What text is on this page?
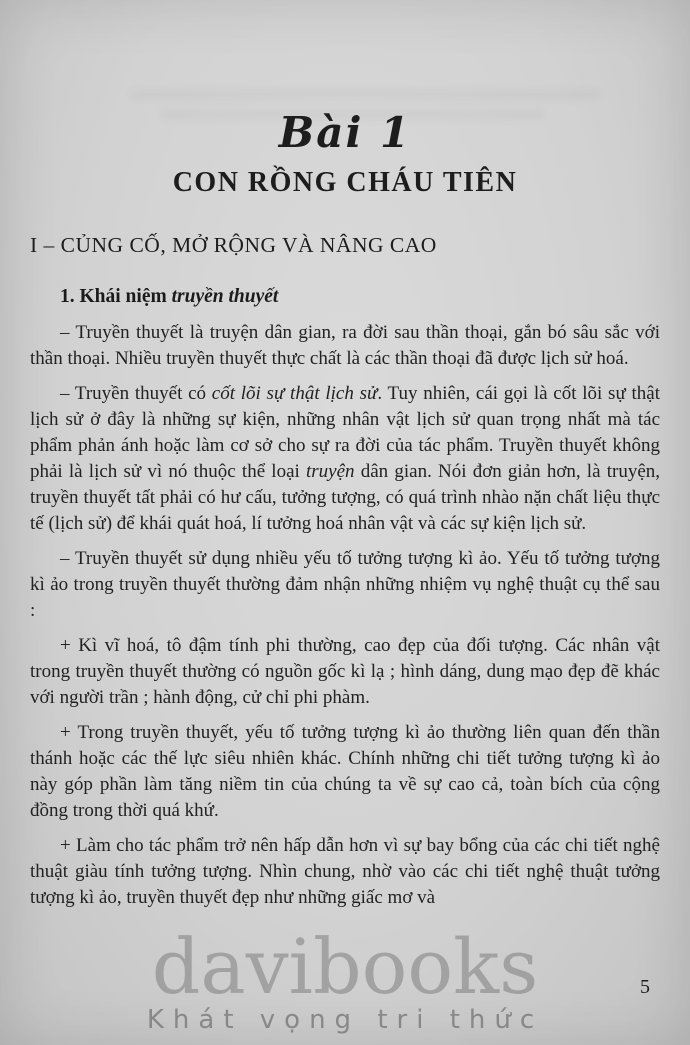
Bài 1
CON RỒNG CHÁU TIÊN
I – CỦNG CỐ, MỞ RỘNG VÀ NÂNG CAO
1. Khái niệm truyền thuyết

– Truyền thuyết là truyện dân gian, ra đời sau thần thoại, gắn bó sâu sắc với thần thoại. Nhiều truyền thuyết thực chất là các thần thoại đã được lịch sử hoá.

– Truyền thuyết có cốt lõi sự thật lịch sử. Tuy nhiên, cái gọi là cốt lõi sự thật lịch sử ở đây là những sự kiện, những nhân vật lịch sử quan trọng nhất mà tác phẩm phản ánh hoặc làm cơ sở cho sự ra đời của tác phẩm. Truyền thuyết không phải là lịch sử vì nó thuộc thể loại truyện dân gian. Nói đơn giản hơn, là truyện, truyền thuyết tất phải có hư cấu, tưởng tượng, có quá trình nhào nặn chất liệu thực tế (lịch sử) để khái quát hoá, lí tưởng hoá nhân vật và các sự kiện lịch sử.

– Truyền thuyết sử dụng nhiều yếu tố tưởng tượng kì ảo. Yếu tố tưởng tượng kì ảo trong truyền thuyết thường đảm nhận những nhiệm vụ nghệ thuật cụ thể sau :

+ Kì vĩ hoá, tô đậm tính phi thường, cao đẹp của đối tượng. Các nhân vật trong truyền thuyết thường có nguồn gốc kì lạ ; hình dáng, dung mạo đẹp đẽ khác với người trần ; hành động, cử chỉ phi phàm.

+ Trong truyền thuyết, yếu tố tưởng tượng kì ảo thường liên quan đến thần thánh hoặc các thế lực siêu nhiên khác. Chính những chi tiết tưởng tượng kì ảo này góp phần làm tăng niềm tin của chúng ta về sự cao cả, toàn bích của cộng đồng trong thời quá khứ.

+ Làm cho tác phẩm trở nên hấp dẫn hơn vì sự bay bổng của các chi tiết nghệ thuật giàu tính tưởng tượng. Nhìn chung, nhờ vào các chi tiết nghệ thuật tưởng tượng kì ảo, truyền thuyết đẹp như những giấc mơ và

davibooks
Khát vọng tri thức
5
